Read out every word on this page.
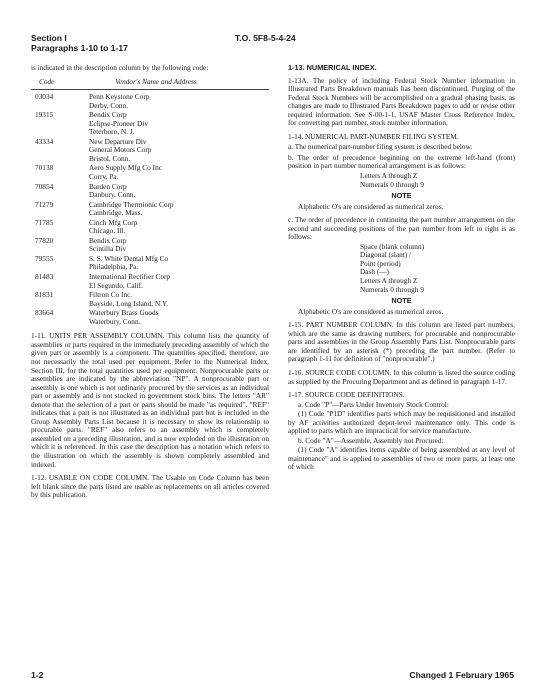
Section I
Paragraphs 1-10 to 1-17
T.O. 5F8-5-4-24

is indicated in the description column by the following code:

Code	Vendor's Name and Address
03034	Penn Keystone Corp
Derby, Conn.
19315	Bendix Corp
Eclipse-Pioneer Div
Teterboro, N. J.
43334	New Departure Div
General Motors Corp
Bristol, Conn.
70138	Aero Supply Mfg Co Inc
Corry, Pa.
70854	Barden Corp
Danbury, Conn.
71279	Cambridge Thermionic Corp
Cambridge, Mass.
71785	Cinch Mfg Corp
Chicago, Ill.
77820	Bendix Corp
Scintilla Div
79555	S. S. White Dental Mfg Co
Philadelphia, Pa.
81483	International Rectifier Corp
El Segundo, Calif.
81831	Filtron Co Inc.
Bayside, Long Island, N.Y.
83664	Waterbury Brass Goods
Waterbury, Conn.

1-11. UNITS PER ASSEMBLY COLUMN. This column lists the quantity of assemblies or parts required in the immediately preceding assembly of which the given part or assembly is a component. The quantities specified, therefore, are not necessarily the total used per equipment. Refer to the Numerical Index, Section III, for the total quantities used per equipment. Nonprocurable parts or assemblies are indicated by the abbreviation "NP". A nonprocurable part or assembly is one which is not ordinarily procured by the services as an individual part or assembly and is not stocked in government stock bins. The letters "AR" denote that the selection of a part or parts should be made "as required". "REF" indicates that a part is not illustrated as an individual part but is included in the Group Assembly Parts List because it is necessary to show its relationship to procurable parts. "REF" also refers to an assembly which is completely assembled on a preceding illustration, and is now exploded on the illustration on which it is referenced. In this case the description has a notation which refers to the illustration on which the assembly is shown completely assembled and indexed.

1-12. USABLE ON CODE COLUMN. The Usable on Code Column has been left blank since the parts listed are usable as replacements on all articles covered by this publication.

1-13. NUMERICAL INDEX.

1-13A. The policy of including Federal Stock Number information in Illustrated Parts Breakdown manuals has been discontinued. Purging of the Federal Stock Numbers will be accomplished on a gradual phasing basis, as changes are made to Illustrated Parts Breakdown pages to add or revise other required information. See S-00-1-1, USAF Master Cross Reference Index, for converting part number, stock number information.

1-14. NUMERICAL PART-NUMBER FILING SYSTEM.

a. The numerical part-number filing system is described below.

b. The order of precedence beginning on the extreme left-hand (front) position in part number numerical arrangement is as follows:

Letters A through Z
Numerals 0 through 9
NOTE

Alphabetic O's are considered as numerical zeros.

c. The order of precedence in continuing the part number arrangement on the second and succeeding positions of the part number from left to right is as follows:

Space (blank column)
Diagonal (slant) /
Point (period)
Dash (—)
Letters A through Z
Numerals 0 through 9
NOTE

Alphabetic O's are considered as numerical zeros.

1-15. PART NUMBER COLUMN. In this column are listed part numbers, which are the same as drawing numbers, for procurable and nonprocurable parts and assemblies in the Group Assembly Parts List. Nonprocurable parts are identified by an asterisk (*) preceding the part number. (Refer to paragraph 1-11 for definition of "nonprocurable".)

1-16. SOURCE CODE COLUMN. In this column is listed the source coding as supplied by the Procuring Department and as defined in paragraph 1-17.

1-17. SOURCE CODE DEFINITIONS.

a. Code "P"—Parts Under Inventory Stock Control:

(1) Code "P1D" identifies parts which may be requisitioned and installed by AF activities authorized depot-level maintenance only. This code is applied to parts which are impractical for service manufacture.

b. Code "A"—Assemble, Assembly not Procured:

(1) Code "A" identifies items capable of being assembled at any level of maintenance" and is applied to assemblies of two or more parts, at least one of which

1-2	Changed 1 February 1965
